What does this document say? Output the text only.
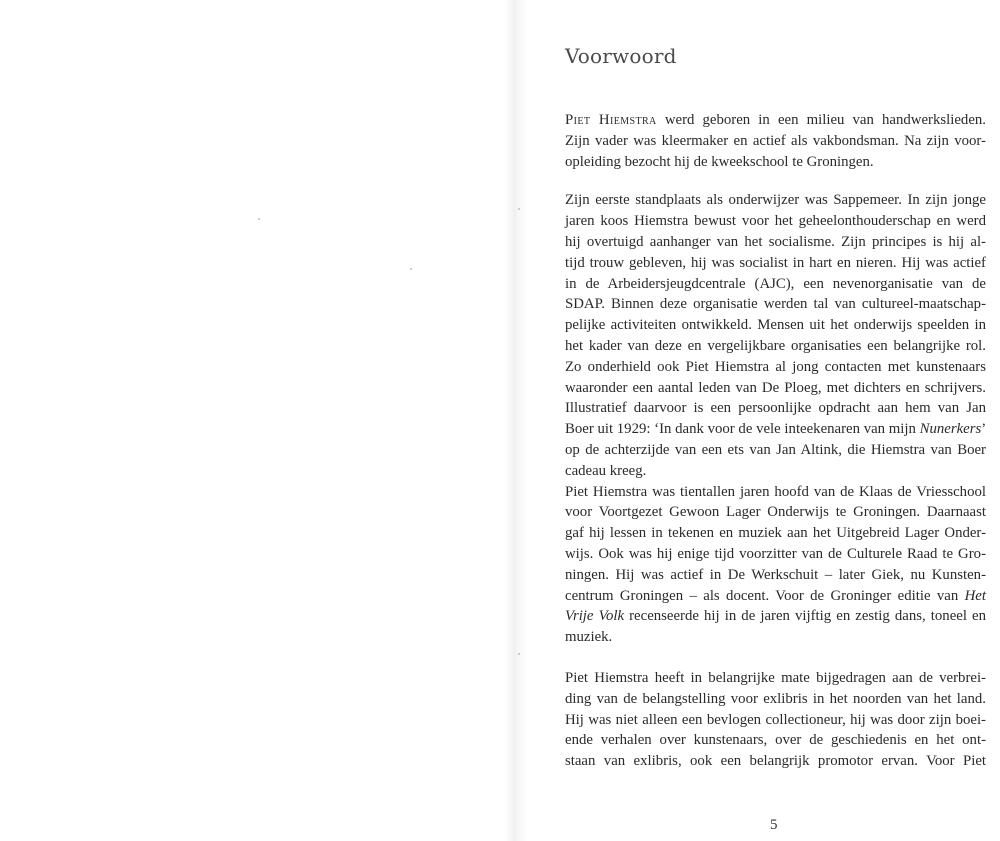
Voorwoord

Piet Hiemstra werd geboren in een milieu van handwerkslieden.
Zijn vader was kleermaker en actief als vakbondsman. Na zijn voor-
opleiding bezocht hij de kweekschool te Groningen.

Zijn eerste standplaats als onderwijzer was Sappemeer. In zijn jonge
jaren koos Hiemstra bewust voor het geheelonthouderschap en werd
hij overtuigd aanhanger van het socialisme. Zijn principes is hij al-
tijd trouw gebleven, hij was socialist in hart en nieren. Hij was actief
in de Arbeidersjeugdcentrale (AJC), een nevenorganisatie van de
SDAP. Binnen deze organisatie werden tal van cultureel-maatschap-
pelijke activiteiten ontwikkeld. Mensen uit het onderwijs speelden in
het kader van deze en vergelijkbare organisaties een belangrijke rol.
Zo onderhield ook Piet Hiemstra al jong contacten met kunstenaars
waaronder een aantal leden van De Ploeg, met dichters en schrijvers.
Illustratief daarvoor is een persoonlijke opdracht aan hem van Jan
Boer uit 1929: ‘In dank voor de vele inteekenaren van mijn Nunerkers’
op de achterzijde van een ets van Jan Altink, die Hiemstra van Boer
cadeau kreeg.
Piet Hiemstra was tientallen jaren hoofd van de Klaas de Vriesschool
voor Voortgezet Gewoon Lager Onderwijs te Groningen. Daarnaast
gaf hij lessen in tekenen en muziek aan het Uitgebreid Lager Onder-
wijs. Ook was hij enige tijd voorzitter van de Culturele Raad te Gro-
ningen. Hij was actief in De Werkschuit – later Giek, nu Kunsten-
centrum Groningen – als docent. Voor de Groninger editie van Het
Vrije Volk recenseerde hij in de jaren vijftig en zestig dans, toneel en
muziek.

Piet Hiemstra heeft in belangrijke mate bijgedragen aan de verbrei-
ding van de belangstelling voor exlibris in het noorden van het land.
Hij was niet alleen een bevlogen collectioneur, hij was door zijn boei-
ende verhalen over kunstenaars, over de geschiedenis en het ont-
staan van exlibris, ook een belangrijk promotor ervan. Voor Piet

5
